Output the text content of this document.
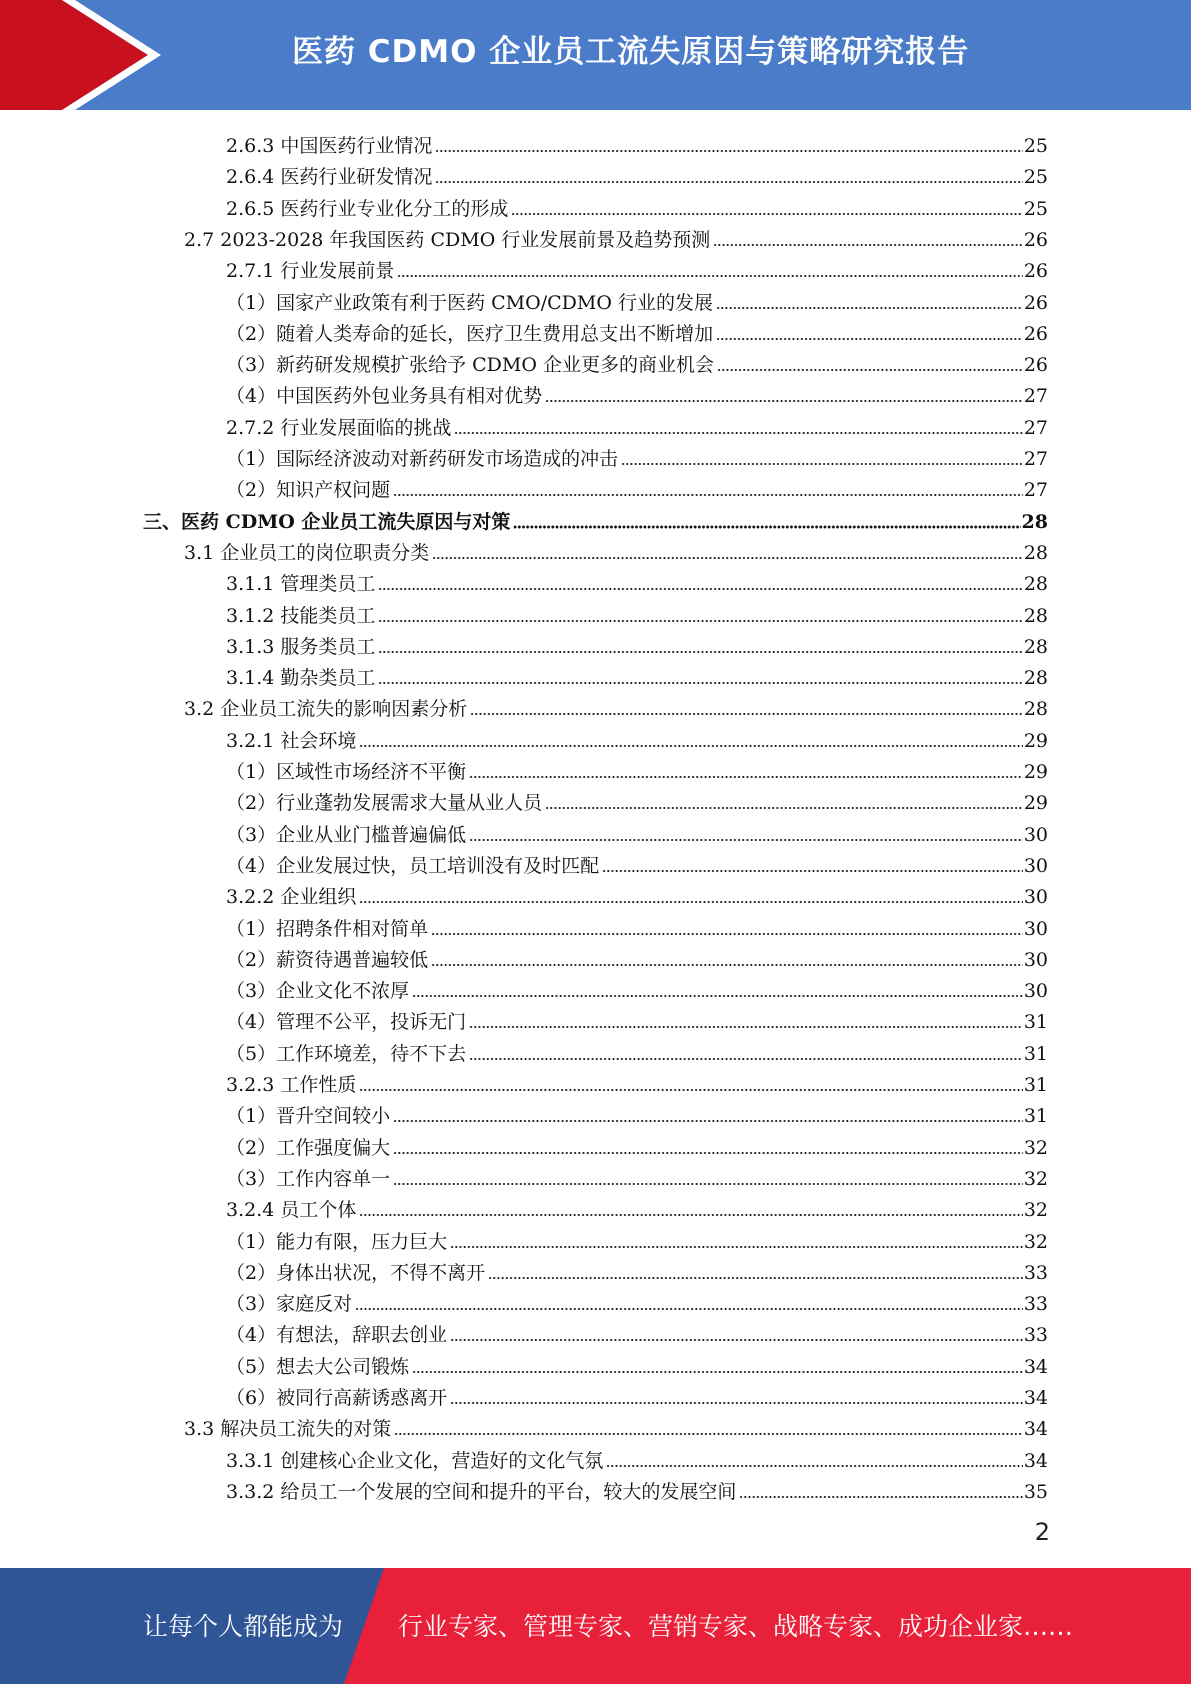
医药 CDMO 企业员工流失原因与策略研究报告
2.6.3 中国医药行业情况	25
2.6.4 医药行业研发情况	25
2.6.5 医药行业专业化分工的形成	25
2.7 2023-2028 年我国医药 CDMO 行业发展前景及趋势预测	26
2.7.1 行业发展前景	26
（1）国家产业政策有利于医药 CMO/CDMO 行业的发展	26
（2）随着人类寿命的延长，医疗卫生费用总支出不断增加	26
（3）新药研发规模扩张给予 CDMO 企业更多的商业机会	26
（4）中国医药外包业务具有相对优势	27
2.7.2 行业发展面临的挑战	27
（1）国际经济波动对新药研发市场造成的冲击	27
（2）知识产权问题	27
三、医药 CDMO 企业员工流失原因与对策	28
3.1 企业员工的岗位职责分类	28
3.1.1 管理类员工	28
3.1.2 技能类员工	28
3.1.3 服务类员工	28
3.1.4 勤杂类员工	28
3.2 企业员工流失的影响因素分析	28
3.2.1 社会环境	29
（1）区域性市场经济不平衡	29
（2）行业蓬勃发展需求大量从业人员	29
（3）企业从业门槛普遍偏低	30
（4）企业发展过快，员工培训没有及时匹配	30
3.2.2 企业组织	30
（1）招聘条件相对简单	30
（2）薪资待遇普遍较低	30
（3）企业文化不浓厚	30
（4）管理不公平，投诉无门	31
（5）工作环境差，待不下去	31
3.2.3 工作性质	31
（1）晋升空间较小	31
（2）工作强度偏大	32
（3）工作内容单一	32
3.2.4 员工个体	32
（1）能力有限，压力巨大	32
（2）身体出状况，不得不离开	33
（3）家庭反对	33
（4）有想法，辞职去创业	33
（5）想去大公司锻炼	34
（6）被同行高薪诱惑离开	34
3.3 解决员工流失的对策	34
3.3.1 创建核心企业文化，营造好的文化气氛	34
3.3.2 给员工一个发展的空间和提升的平台，较大的发展空间	35
2
让每个人都能成为 行业专家、管理专家、营销专家、战略专家、成功企业家……
